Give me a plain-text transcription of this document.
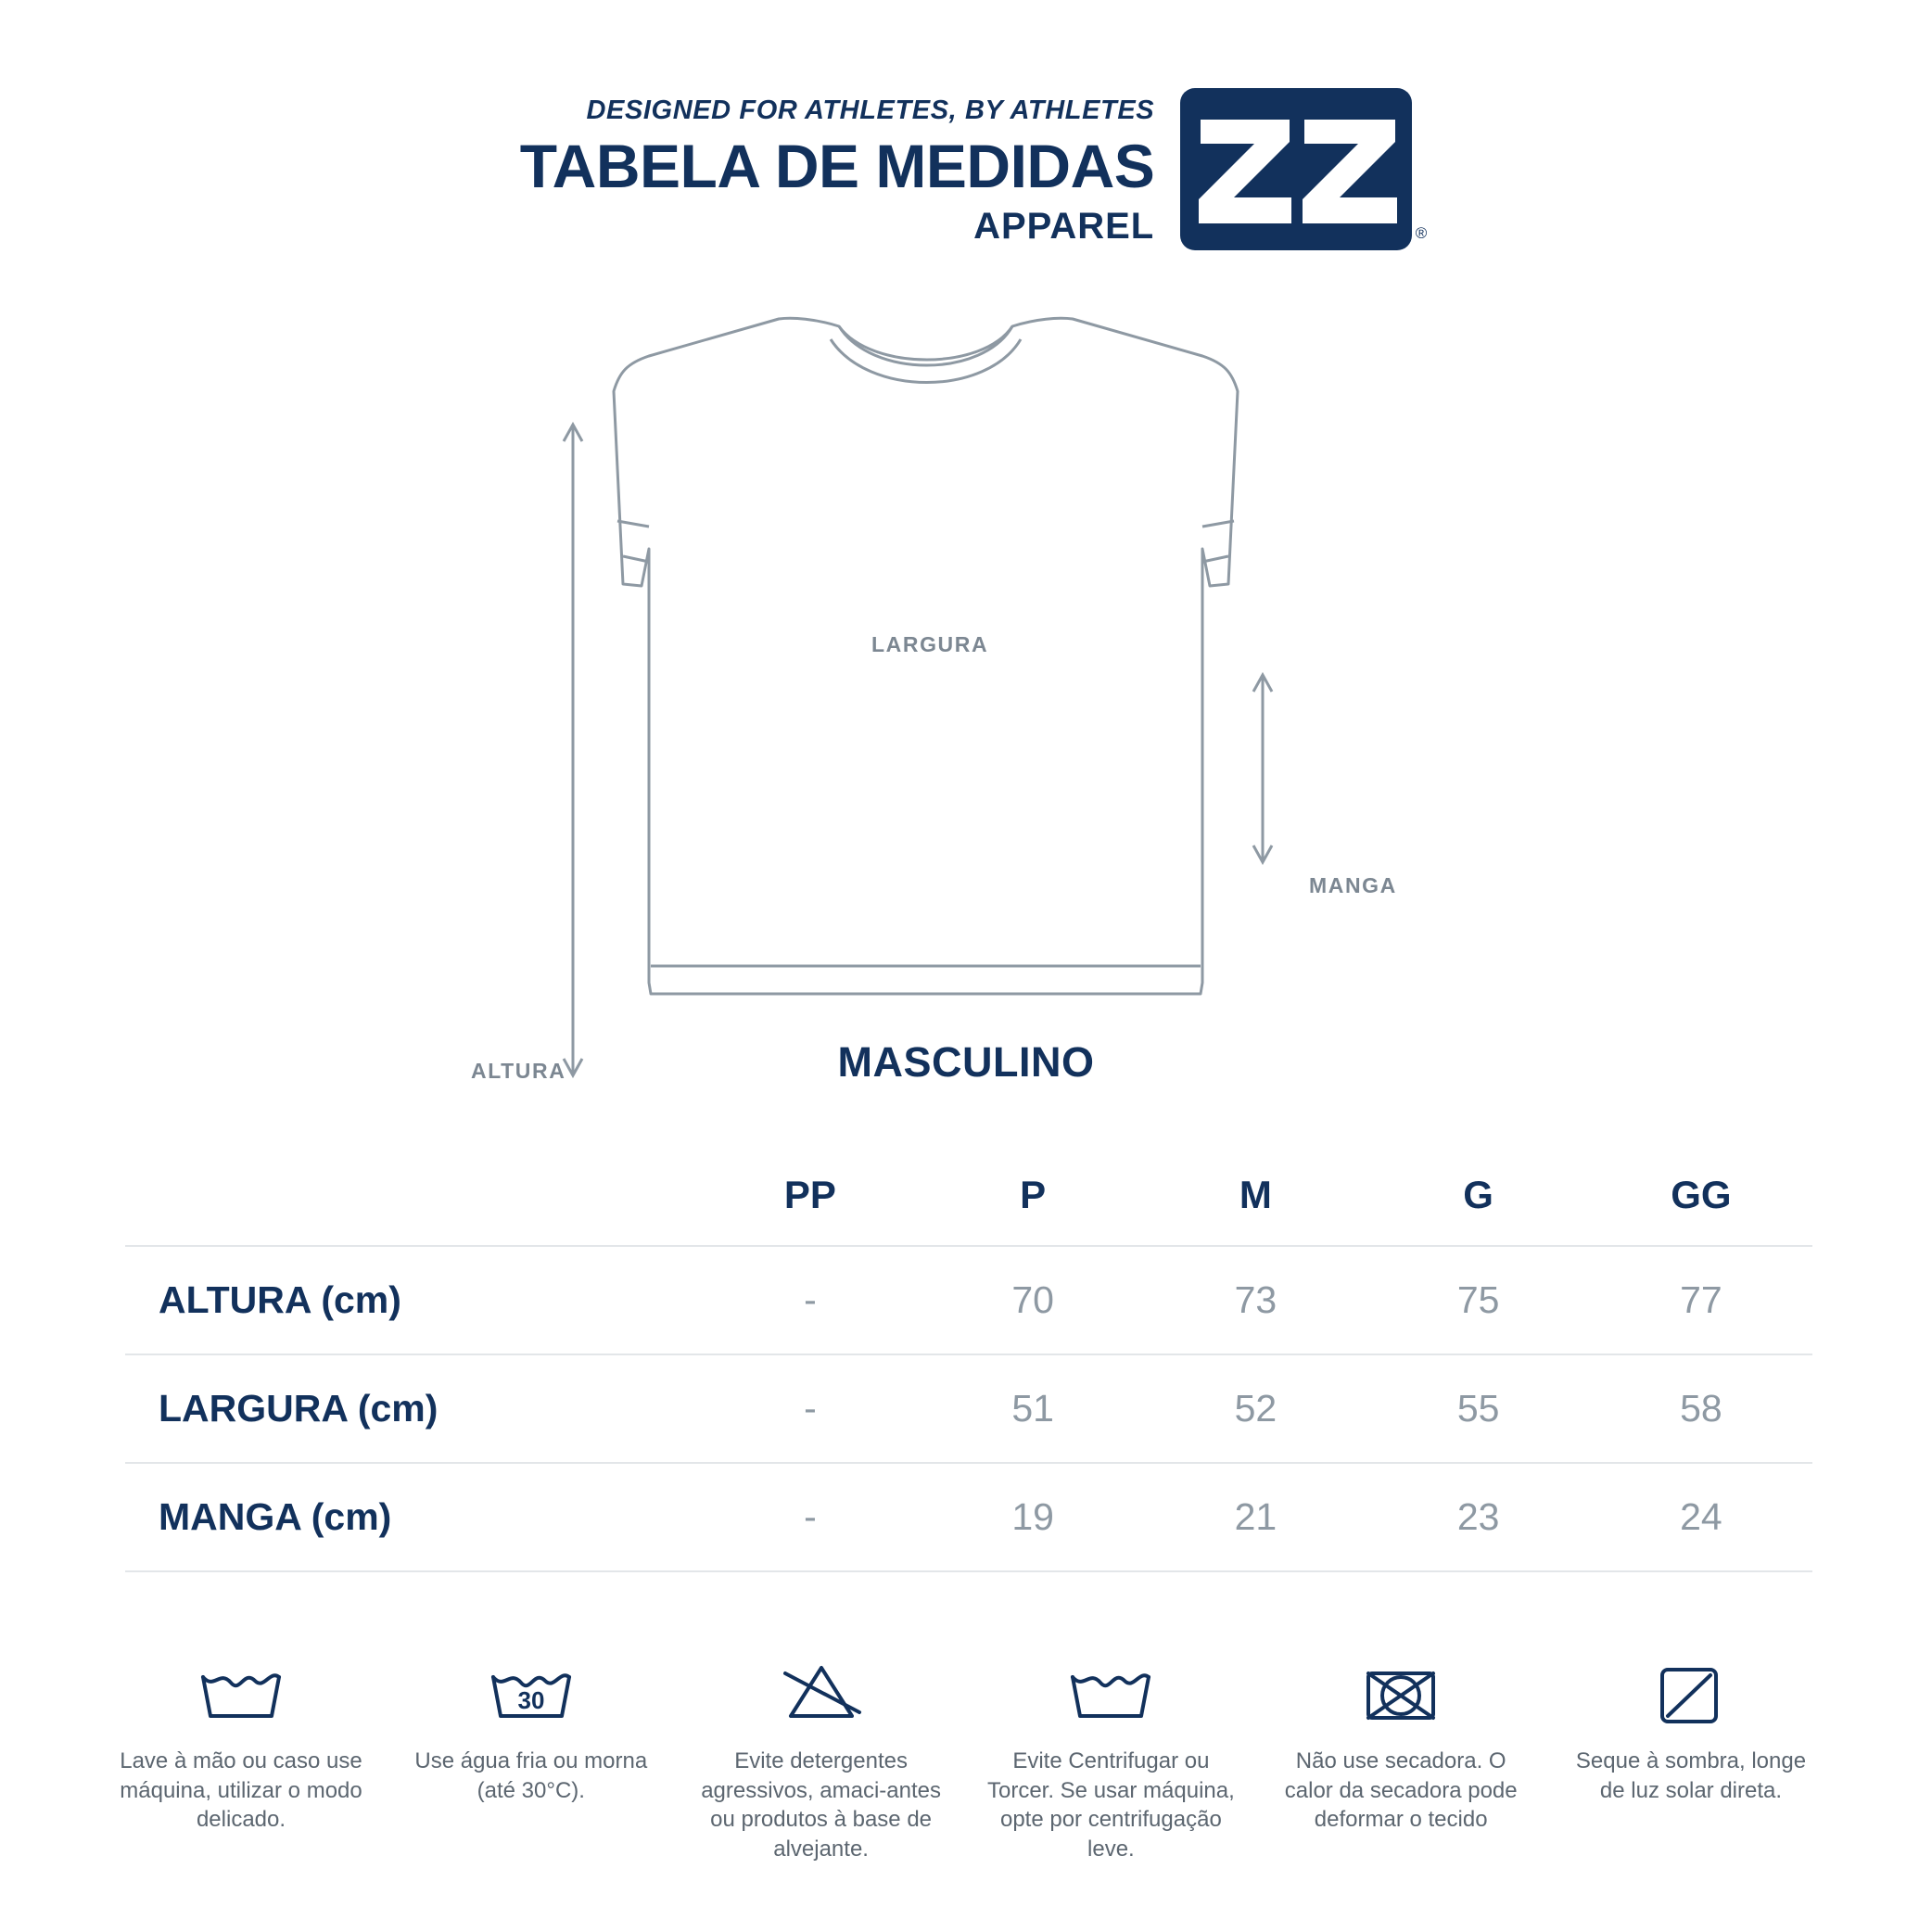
DESIGNED FOR ATHLETES, BY ATHLETES
TABELA DE MEDIDAS
APPAREL	®
LARGURA
MANGA
ALTURA	MASCULINO
	PP	P	M	G	GG
ALTURA (cm)	-	70	73	75	77
LARGURA (cm)	-	51	52	55	58
MANGA (cm)	-	19	21	23	24
Lave à mão ou caso use máquina, utilizar o modo delicado.
30
Use água fria ou morna (até 30°C).
Evite detergentes agressivos, amaci-antes ou produtos à base de alvejante.
Evite Centrifugar ou Torcer. Se usar máquina, opte por centrifugação leve.
Não use secadora. O calor da secadora pode deformar o tecido
Seque à sombra, longe de luz solar direta.
